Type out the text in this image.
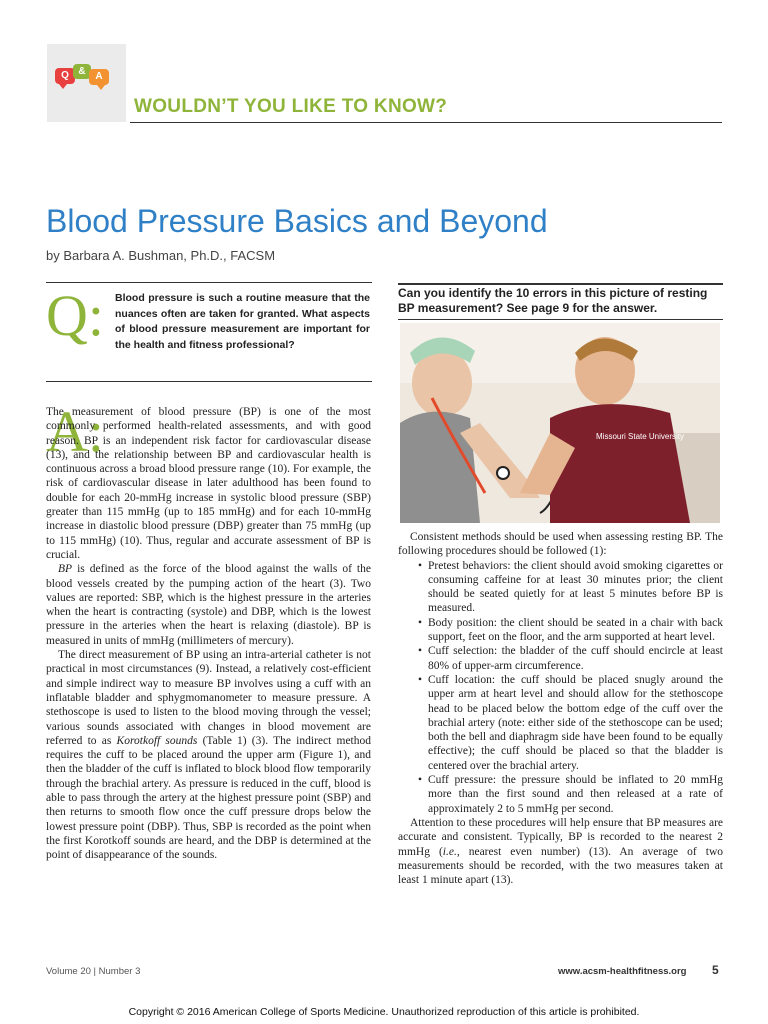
Q & A
WOULDN’T YOU LIKE TO KNOW?
Blood Pressure Basics and Beyond
by Barbara A. Bushman, Ph.D., FACSM
Q: Blood pressure is such a routine measure that the nuances often are taken for granted. What aspects of blood pressure measurement are important for the health and fitness professional?
A:

The measurement of blood pressure (BP) is one of the most commonly performed health-related assessments, and with good reason. BP is an independent risk factor for cardiovascular disease (13), and the relationship between BP and cardiovascular health is continuous across a broad blood pressure range (10). For example, the risk of cardiovascular disease in later adulthood has been found to double for each 20-mmHg increase in systolic blood pressure (SBP) greater than 115 mmHg (up to 185 mmHg) and for each 10-mmHg increase in diastolic blood pressure (DBP) greater than 75 mmHg (up to 115 mmHg) (10). Thus, regular and accurate assessment of BP is crucial.

BP is defined as the force of the blood against the walls of the blood vessels created by the pumping action of the heart (3). Two values are reported: SBP, which is the highest pressure in the arteries when the heart is contracting (systole) and DBP, which is the lowest pressure in the arteries when the heart is relaxing (diastole). BP is measured in units of mmHg (millimeters of mercury).

The direct measurement of BP using an intra-arterial catheter is not practical in most circumstances (9). Instead, a relatively cost-efficient and simple indirect way to measure BP involves using a cuff with an inflatable bladder and sphygmomanometer to measure pressure. A stethoscope is used to listen to the blood moving through the vessel; various sounds associated with changes in blood movement are referred to as Korotkoff sounds (Table 1) (3). The indirect method requires the cuff to be placed around the upper arm (Figure 1), and then the bladder of the cuff is inflated to block blood flow temporarily through the brachial artery. As pressure is reduced in the cuff, blood is able to pass through the artery at the highest pressure point (SBP) and then returns to smooth flow once the cuff pressure drops below the lowest pressure point (DBP). Thus, SBP is recorded as the point when the first Korotkoff sounds are heard, and the DBP is determined at the point of disappearance of the sounds.

Can you identify the 10 errors in this picture of resting BP measurement? See page 9 for the answer.
Missouri State University

Consistent methods should be used when assessing resting BP. The following procedures should be followed (1):

• Pretest behaviors: the client should avoid smoking cigarettes or consuming caffeine for at least 30 minutes prior; the client should be seated quietly for at least 5 minutes before BP is measured.
• Body position: the client should be seated in a chair with back support, feet on the floor, and the arm supported at heart level.
• Cuff selection: the bladder of the cuff should encircle at least 80% of upper-arm circumference.
• Cuff location: the cuff should be placed snugly around the upper arm at heart level and should allow for the stethoscope head to be placed below the bottom edge of the cuff over the brachial artery (note: either side of the stethoscope can be used; both the bell and diaphragm side have been found to be equally effective); the cuff should be placed so that the bladder is centered over the brachial artery.
• Cuff pressure: the pressure should be inflated to 20 mmHg more than the first sound and then released at a rate of approximately 2 to 5 mmHg per second.

Attention to these procedures will help ensure that BP measures are accurate and consistent. Typically, BP is recorded to the nearest 2 mmHg (i.e., nearest even number) (13). An average of two measurements should be recorded, with the two measures taken at least 1 minute apart (13).

Volume 20 | Number 3	www.acsm-healthfitness.org 5
Copyright © 2016 American College of Sports Medicine. Unauthorized reproduction of this article is prohibited.
